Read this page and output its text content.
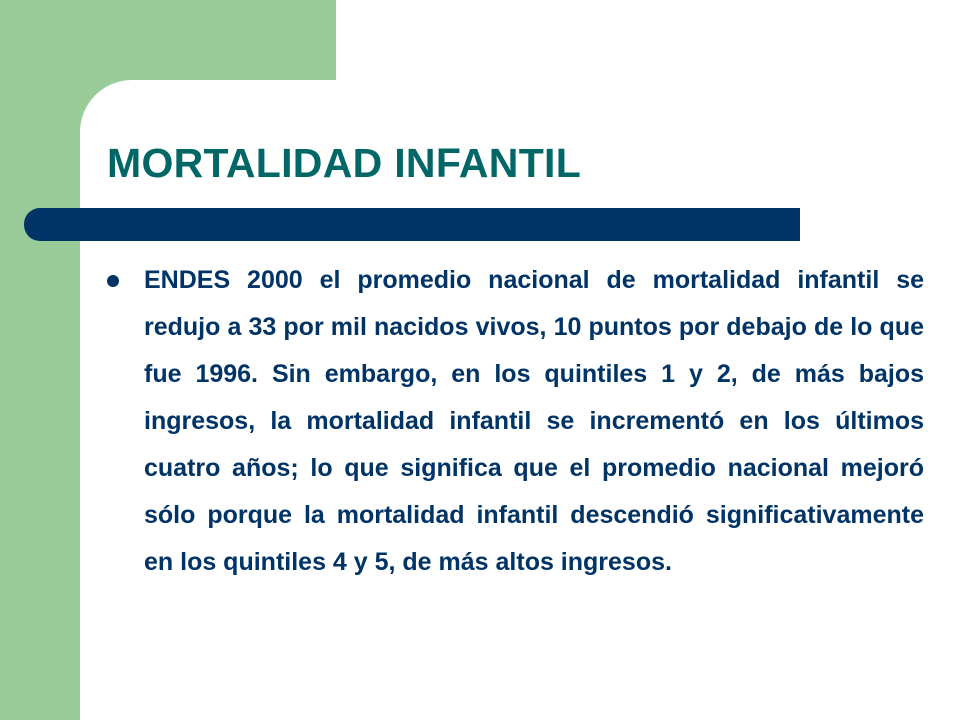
MORTALIDAD INFANTIL

ENDES 2000 el promedio nacional de mortalidad infantil se redujo a 33 por mil nacidos vivos, 10 puntos por debajo de lo que fue 1996. Sin embargo, en los quintiles 1 y 2, de más bajos ingresos, la mortalidad infantil se incrementó en los últimos cuatro años; lo que significa que el promedio nacional mejoró sólo porque la mortalidad infantil descendió significativamente en los quintiles 4 y 5, de más altos ingresos.
